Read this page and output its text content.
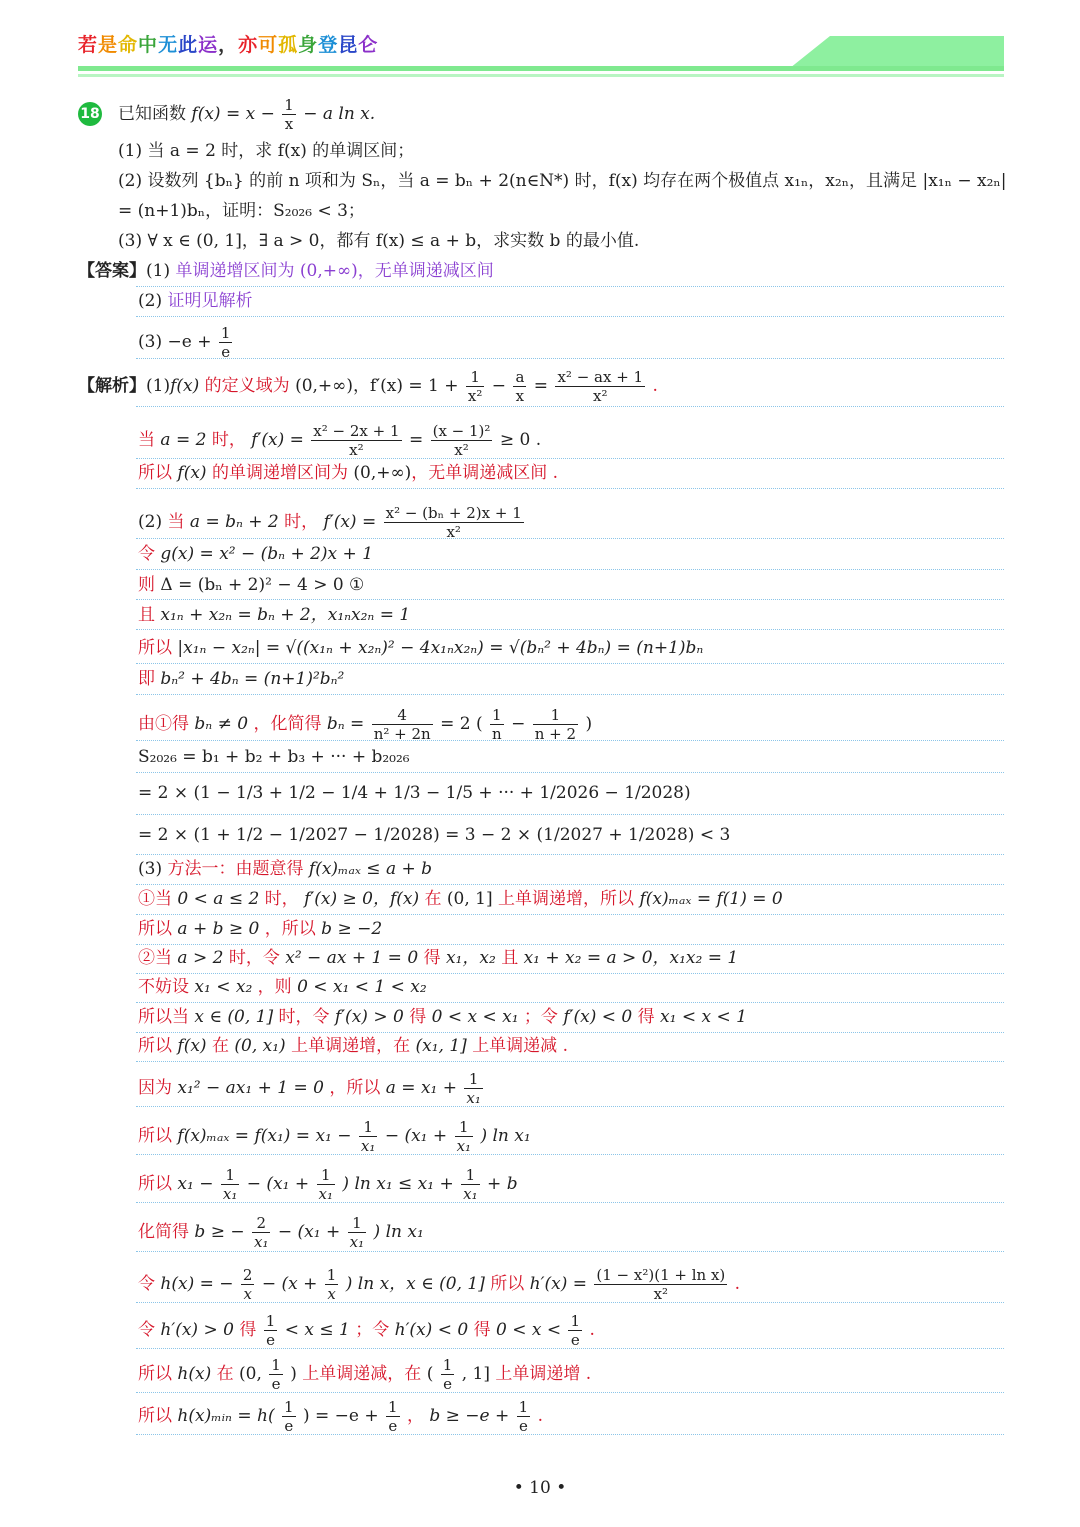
若是命中无此运，亦可孤身登昆仑
18 已知函数 $f(x) = x - \frac{1}{x} - a$ ln x.
(1) 当 a = 2 时，求 f(x) 的单调区间；
(2) 设数列 {bₙ} 的前 n 项和为 Sₙ，当 a = bₙ + 2(n∈N*) 时，f(x) 均存在两个极值点 x₁ₙ，x₂ₙ，且满足 |x₁ₙ − x₂ₙ|
= (n+1)bₙ，证明：S₂₀₂₆ < 3；
(3) ∀ x ∈ (0, 1]，∃ a > 0，都有 f(x) ≤ a + b，求实数 b 的最小值.
【答案】(1) 单调递增区间为 (0,+∞)，无单调递减区间
(2) 证明见解析
$(3) -e + \frac{1}{e}$
【解析】(1)f(x) 的定义域为 (0,+∞)，$f'(x) = 1 + \frac{1}{\text{x²}} - \frac{a}{x} = \frac{\text{x² − ax + 1}}{\text{x²}}$ .
当 a = 2 时， $f'(x) = \frac{\text{x² − 2x + 1}}{\text{x²}} = \frac{\text{(x − 1)²}}{\text{x²}} \ge 0$ .
所以 f(x) 的单调递增区间为 (0,+∞)，无单调递减区间 .
(2) 当 a = bₙ + 2 时， $f'(x) = \frac{\text{x² − (bₙ + 2)x + 1}}{\text{x²}}$
令 g(x) = x² − (bₙ + 2)x + 1
则 Δ = (bₙ + 2)² − 4 > 0 ①
且 x₁ₙ + x₂ₙ = bₙ + 2，x₁ₙx₂ₙ = 1
所以 |x₁ₙ − x₂ₙ| = √((x₁ₙ + x₂ₙ)² − 4x₁ₙx₂ₙ) = √(bₙ² + 4bₙ) = (n+1)bₙ
即 bₙ² + 4bₙ = (n+1)²bₙ²
由①得 bₙ ≠ 0 ，化简得 $b_n = \frac{4}{\text{n² + 2n}} = 2$ ( $\frac{1}{n} - \frac{1}{n + 2}$ )
S₂₀₂₆ = b₁ + b₂ + b₃ + ··· + b₂₀₂₆
= 2 × (1 − 1/3 + 1/2 − 1/4 + 1/3 − 1/5 + ··· + 1/2026 − 1/2028)
= 2 × (1 + 1/2 − 1/2027 − 1/2028) = 3 − 2 × (1/2027 + 1/2028) < 3
(3) 方法一：由题意得 f(x)ₘₐₓ ≤ a + b
①当 0 < a ≤ 2 时， f′(x) ≥ 0，f(x) 在 (0, 1] 上单调递增，所以 f(x)ₘₐₓ = f(1) = 0
所以 a + b ≥ 0 ，所以 b ≥ −2
②当 a > 2 时，令 x² − ax + 1 = 0 得 x₁，x₂ 且 x₁ + x₂ = a > 0，x₁x₂ = 1
不妨设 x₁ < x₂ ，则 0 < x₁ < 1 < x₂
所以当 x ∈ (0, 1] 时，令 f′(x) > 0 得 0 < x < x₁ ；令 f′(x) < 0 得 x₁ < x < 1
所以 f(x) 在 (0, x₁) 上单调递增，在 (x₁, 1] 上单调递减 .
因为 x₁² − ax₁ + 1 = 0 ，所以 $a = x_1 + \frac{1}{\text{x₁}}$
所以 $f(x)_{max} = f(x_1) = x_1 - \frac{1}{\text{x₁}} - (x_1 + \frac{1}{\text{x₁}}$ ) ln x₁
所以 $x_1 - \frac{1}{\text{x₁}} - (x_1 + \frac{1}{\text{x₁}}$ ) $\ln x_1 \le x_1 + \frac{1}{\text{x₁}} + b$
化简得 b ≥ − $\frac{2}{\text{x₁}} - (x_1 + \frac{1}{\text{x₁}}$ ) ln x₁
令 h(x) = − $\frac{2}{x} - (x + \frac{1}{x}$ ) ln x，x ∈ (0, 1] 所以 $h'(x) = \frac{\text{(1 − x²)(1 + ln x)}}{\text{x²}}$ .
令 h′(x) > 0 得 $\frac{1}{e} < x \le 1$ ；令 h′(x) < 0 得 $0 < x < \frac{1}{e}$ .
所以 h(x) 在 (0, $\frac{1}{e}$ ) 上单调递减，在 ( $\frac{1}{e}$ , 1] 上单调递增 .
所以 h(x)ₘᵢₙ = $h( \frac{1}{e}$ ) = $-e + \frac{1}{e}$ ， $b \ge -e + \frac{1}{e}$ .
• 10 •
